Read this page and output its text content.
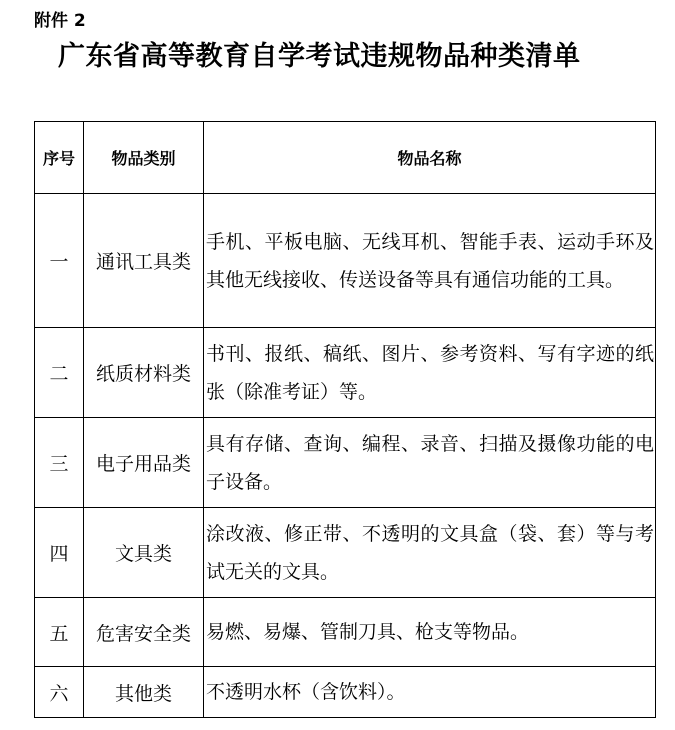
附件 2
广东省高等教育自学考试违规物品种类清单
序号	物品类别	物品名称
一	通讯工具类	手机、平板电脑、无线耳机、智能手表、运动手环及其他无线接收、传送设备等具有通信功能的工具。
二	纸质材料类	书刊、报纸、稿纸、图片、参考资料、写有字迹的纸张（除准考证）等。
三	电子用品类	具有存储、查询、编程、录音、扫描及摄像功能的电子设备。
四	文具类	涂改液、修正带、不透明的文具盒（袋、套）等与考试无关的文具。
五	危害安全类	易燃、易爆、管制刀具、枪支等物品。
六	其他类	不透明水杯（含饮料）。
